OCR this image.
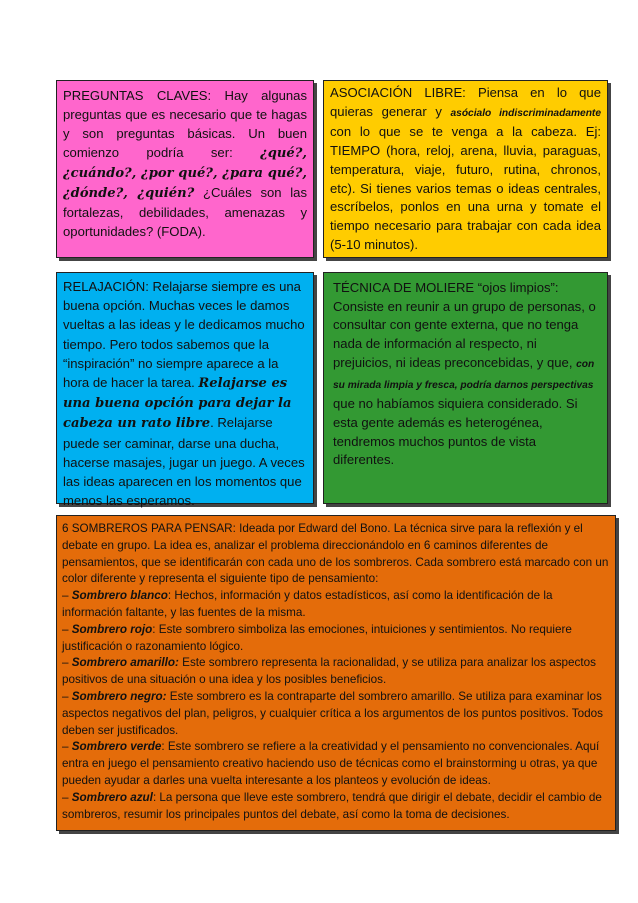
PREGUNTAS CLAVES: Hay algunas preguntas que es necesario que te hagas y son preguntas básicas. Un buen comienzo podría ser: ¿qué?, ¿cuándo?, ¿por qué?, ¿para qué?, ¿dónde?, ¿quién? ¿Cuáles son las fortalezas, debilidades, amenazas y oportunidades? (FODA).
ASOCIACIÓN LIBRE: Piensa en lo que quieras generar y asócialo indiscriminadamente con lo que se te venga a la cabeza. Ej: TIEMPO (hora, reloj, arena, lluvia, paraguas, temperatura, viaje, futuro, rutina, chronos, etc). Si tienes varios temas o ideas centrales, escríbelos, ponlos en una urna y tomate el tiempo necesario para trabajar con cada idea (5-10 minutos).
RELAJACIÓN: Relajarse siempre es una buena opción. Muchas veces le damos vueltas a las ideas y le dedicamos mucho tiempo. Pero todos sabemos que la “inspiración” no siempre aparece a la hora de hacer la tarea. Relajarse es una buena opción para dejar la cabeza un rato libre. Relajarse puede ser caminar, darse una ducha, hacerse masajes, jugar un juego. A veces las ideas aparecen en los momentos que menos las esperamos.
TÉCNICA DE MOLIERE “ojos limpios”: Consiste en reunir a un grupo de personas, o consultar con gente externa, que no tenga nada de información al respecto, ni prejuicios, ni ideas preconcebidas, y que, con su mirada limpia y fresca, podría darnos perspectivas que no habíamos siquiera considerado. Si esta gente además es heterogénea, tendremos muchos puntos de vista diferentes.

6 SOMBREROS PARA PENSAR: Ideada por Edward del Bono. La técnica sirve para la reflexión y el debate en grupo. La idea es, analizar el problema direccionándolo en 6 caminos diferentes de pensamientos, que se identificarán con cada uno de los sombreros. Cada sombrero está marcado con un color diferente y representa el siguiente tipo de pensamiento:

– Sombrero blanco: Hechos, información y datos estadísticos, así como la identificación de la información faltante, y las fuentes de la misma.

– Sombrero rojo: Este sombrero simboliza las emociones, intuiciones y sentimientos. No requiere justificación o razonamiento lógico.

– Sombrero amarillo: Este sombrero representa la racionalidad, y se utiliza para analizar los aspectos positivos de una situación o una idea y los posibles beneficios.

– Sombrero negro: Este sombrero es la contraparte del sombrero amarillo. Se utiliza para examinar los aspectos negativos del plan, peligros, y cualquier crítica a los argumentos de los puntos positivos. Todos deben ser justificados.

– Sombrero verde: Este sombrero se refiere a la creatividad y el pensamiento no convencionales. Aquí entra en juego el pensamiento creativo haciendo uso de técnicas como el brainstorming u otras, ya que pueden ayudar a darles una vuelta interesante a los planteos y evolución de ideas.

– Sombrero azul: La persona que lleve este sombrero, tendrá que dirigir el debate, decidir el cambio de sombreros, resumir los principales puntos del debate, así como la toma de decisiones.
